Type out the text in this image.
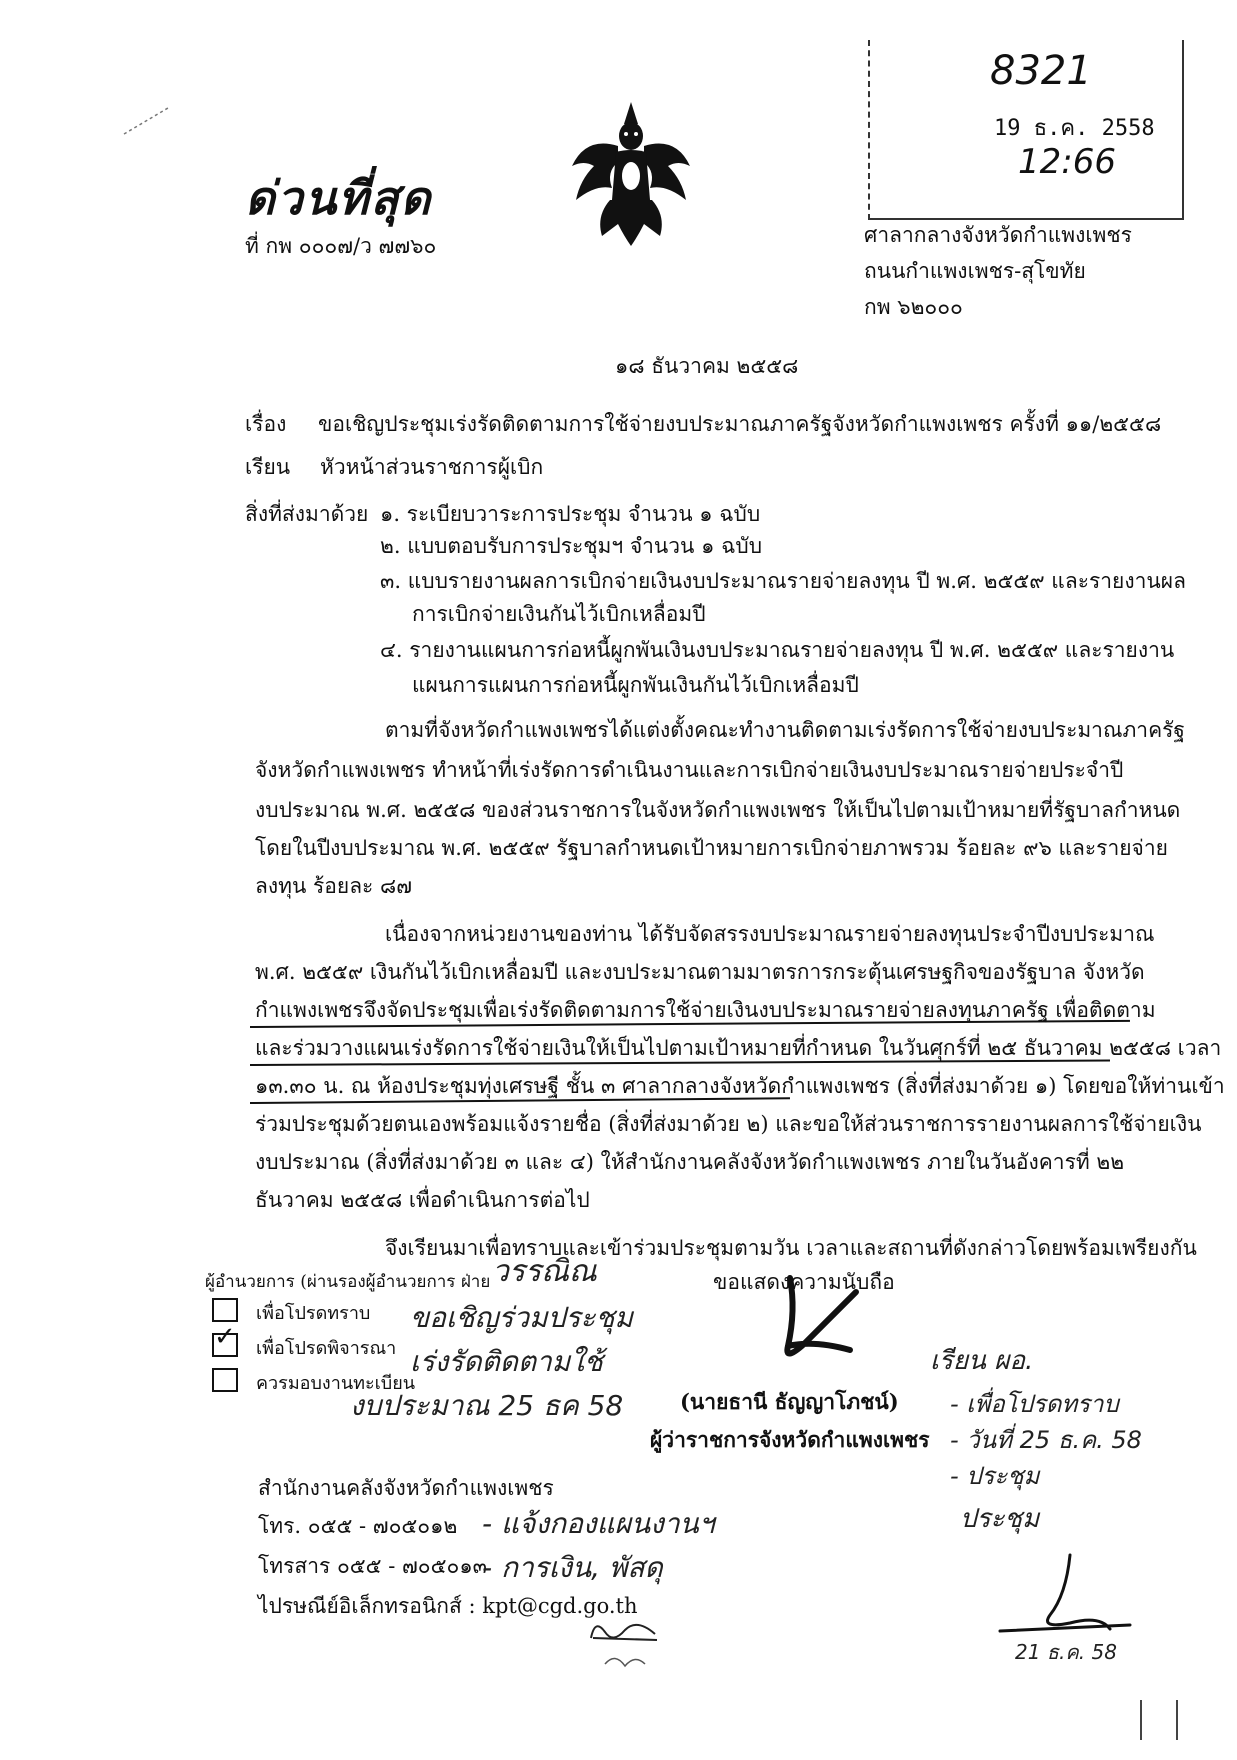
8321
19 ธ.ค. 2558
12:66
ด่วนที่สุด
ที่ กพ ๐๐๐๗/ว ๗๗๖๐	ศาลากลางจังหวัดกำแพงเพชร
ถนนกำแพงเพชร-สุโขทัย
กพ ๖๒๐๐๐
๑๘ ธันวาคม ๒๕๕๘
เรื่อง ขอเชิญประชุมเร่งรัดติดตามการใช้จ่ายงบประมาณภาครัฐจังหวัดกำแพงเพชร ครั้งที่ ๑๑/๒๕๕๘
เรียน หัวหน้าส่วนราชการผู้เบิก
สิ่งที่ส่งมาด้วย ๑. ระเบียบวาระการประชุม จำนวน ๑ ฉบับ
๒. แบบตอบรับการประชุมฯ จำนวน ๑ ฉบับ
๓. แบบรายงานผลการเบิกจ่ายเงินงบประมาณรายจ่ายลงทุน ปี พ.ศ. ๒๕๕๙ และรายงานผล
การเบิกจ่ายเงินกันไว้เบิกเหลื่อมปี
๔. รายงานแผนการก่อหนี้ผูกพันเงินงบประมาณรายจ่ายลงทุน ปี พ.ศ. ๒๕๕๙ และรายงาน
แผนการแผนการก่อหนี้ผูกพันเงินกันไว้เบิกเหลื่อมปี
ตามที่จังหวัดกำแพงเพชรได้แต่งตั้งคณะทำงานติดตามเร่งรัดการใช้จ่ายงบประมาณภาครัฐ
จังหวัดกำแพงเพชร ทำหน้าที่เร่งรัดการดำเนินงานและการเบิกจ่ายเงินงบประมาณรายจ่ายประจำปี
งบประมาณ พ.ศ. ๒๕๕๘ ของส่วนราชการในจังหวัดกำแพงเพชร ให้เป็นไปตามเป้าหมายที่รัฐบาลกำหนด
โดยในปีงบประมาณ พ.ศ. ๒๕๕๙ รัฐบาลกำหนดเป้าหมายการเบิกจ่ายภาพรวม ร้อยละ ๙๖ และรายจ่าย
ลงทุน ร้อยละ ๘๗
เนื่องจากหน่วยงานของท่าน ได้รับจัดสรรงบประมาณรายจ่ายลงทุนประจำปีงบประมาณ
พ.ศ. ๒๕๕๙ เงินกันไว้เบิกเหลื่อมปี และงบประมาณตามมาตรการกระตุ้นเศรษฐกิจของรัฐบาล จังหวัด
กำแพงเพชรจึงจัดประชุมเพื่อเร่งรัดติดตามการใช้จ่ายเงินงบประมาณรายจ่ายลงทุนภาครัฐ เพื่อติดตาม
และร่วมวางแผนเร่งรัดการใช้จ่ายเงินให้เป็นไปตามเป้าหมายที่กำหนด ในวันศุกร์ที่ ๒๕ ธันวาคม ๒๕๕๘ เวลา
๑๓.๓๐ น. ณ ห้องประชุมทุ่งเศรษฐี ชั้น ๓ ศาลากลางจังหวัดกำแพงเพชร (สิ่งที่ส่งมาด้วย ๑) โดยขอให้ท่านเข้า
ร่วมประชุมด้วยตนเองพร้อมแจ้งรายชื่อ (สิ่งที่ส่งมาด้วย ๒) และขอให้ส่วนราชการรายงานผลการใช้จ่ายเงิน
งบประมาณ (สิ่งที่ส่งมาด้วย ๓ และ ๔) ให้สำนักงานคลังจังหวัดกำแพงเพชร ภายในวันอังคารที่ ๒๒
ธันวาคม ๒๕๕๘ เพื่อดำเนินการต่อไป
จึงเรียนมาเพื่อทราบและเข้าร่วมประชุมตามวัน เวลาและสถานที่ดังกล่าวโดยพร้อมเพรียงกัน
ผู้อำนวยการ (ผ่านรองผู้อำนวยการ ฝ่าย วรรณิณ
เพื่อโปรดทราบ
✓ เพื่อโปรดพิจารณา
ควรมอบงานทะเบียน
ขอเชิญร่วมประชุม
เร่งรัดติดตามใช้
งบประมาณ 25 ธค 58
ขอแสดงความนับถือ
(นายธานี ธัญญาโภชน์)
ผู้ว่าราชการจังหวัดกำแพงเพชร
สำนักงานคลังจังหวัดกำแพงเพชร
โทร. ๐๕๕ - ๗๐๕๐๑๒
โทรสาร ๐๕๕ - ๗๐๕๐๑๓
ไปรษณีย์อิเล็กทรอนิกส์ : kpt@cgd.go.th
- แจ้งกองแผนงานฯ
- การเงิน, พัสดุ
เรียน ผอ.
- เพื่อโปรดทราบ
- วันที่ 25 ธ.ค. 58
- ประชุม
ประชุม
21 ธ.ค. 58
